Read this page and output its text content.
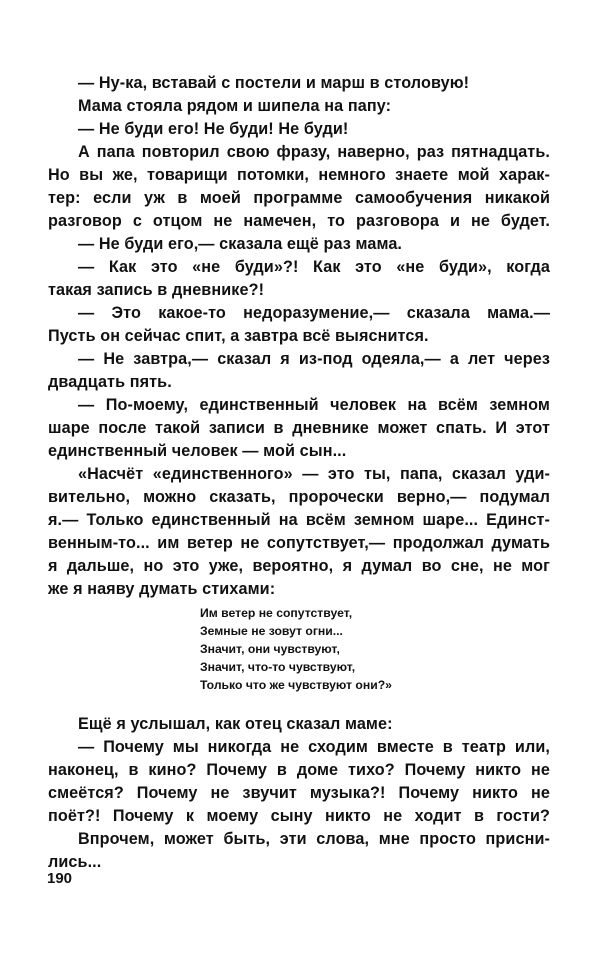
— Ну-ка, вставай с постели и марш в столовую!
Мама стояла рядом и шипела на папу:
— Не буди его! Не буди! Не буди!
А папа повторил свою фразу, наверно, раз пятнадцать.
Но вы же, товарищи потомки, немного знаете мой харак-
тер: если уж в моей программе самообучения никакой
разговор с отцом не намечен, то разговора и не будет.
— Не буди его,— сказала ещё раз мама.
— Как это «не буди»?! Как это «не буди», когда
такая запись в дневнике?!
— Это какое-то недоразумение,— сказала мама.—
Пусть он сейчас спит, а завтра всё выяснится.
— Не завтра,— сказал я из-под одеяла,— а лет через
двадцать пять.
— По-моему, единственный человек на всём земном
шаре после такой записи в дневнике может спать. И этот
единственный человек — мой сын...
«Насчёт «единственного» — это ты, папа, сказал уди-
вительно, можно сказать, пророчески верно,— подумал
я.— Только единственный на всём земном шаре... Единст-
венным-то... им ветер не сопутствует,— продолжал думать
я дальше, но это уже, вероятно, я думал во сне, не мог
же я наяву думать стихами:
Им ветер не сопутствует,
Земные не зовут огни...
Значит, они чувствуют,
Значит, что-то чувствуют,
Только что же чувствуют они?»
Ещё я услышал, как отец сказал маме:
— Почему мы никогда не сходим вместе в театр или,
наконец, в кино? Почему в доме тихо? Почему никто не
смеётся? Почему не звучит музыка?! Почему никто не
поёт?! Почему к моему сыну никто не ходит в гости?
Впрочем, может быть, эти слова, мне просто присни-
лись...
190
